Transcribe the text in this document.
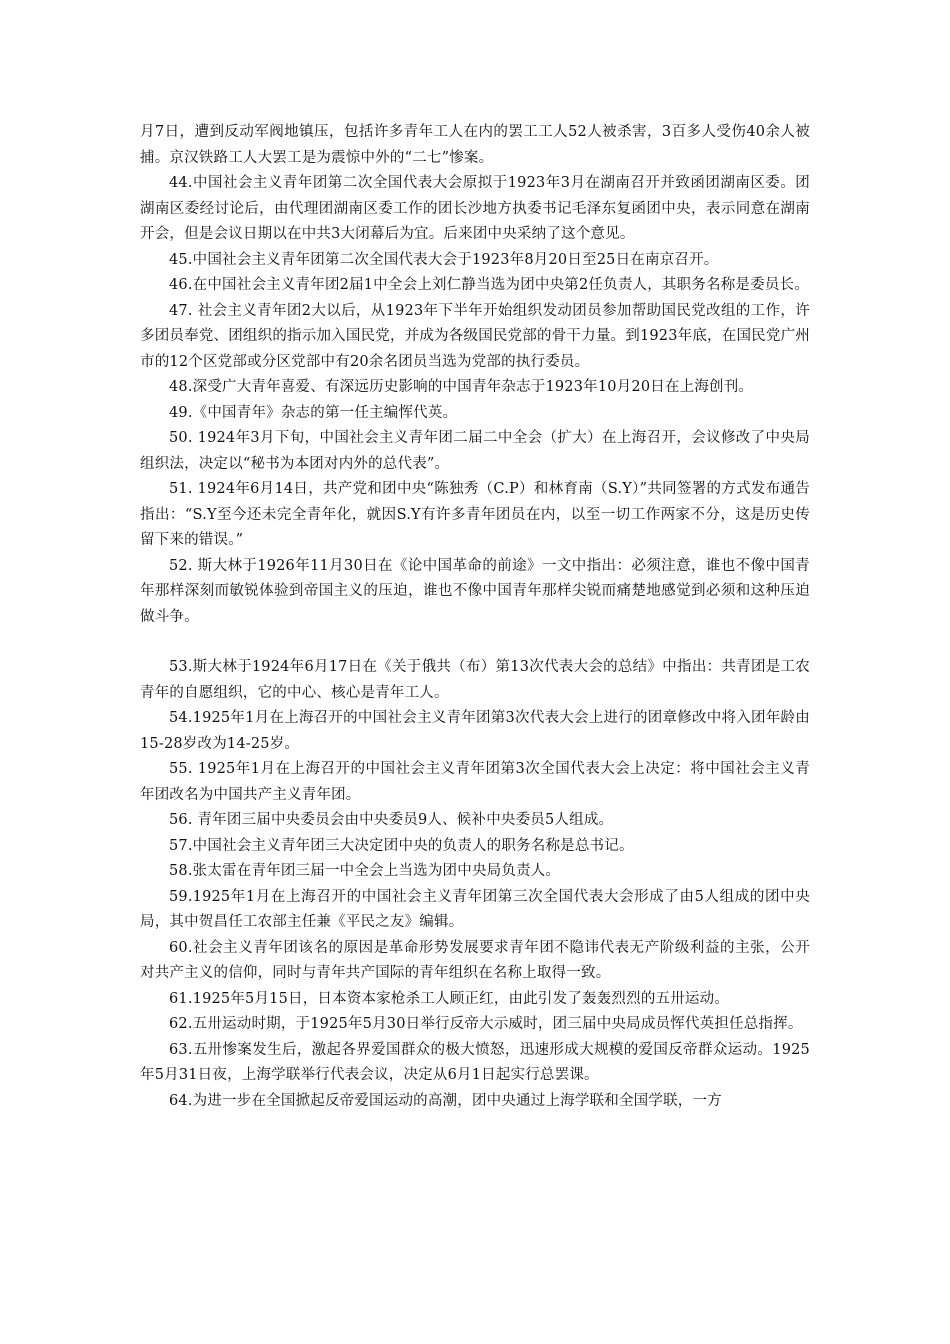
月7日，遭到反动军阀地镇压，包括许多青年工人在内的罢工工人52人被杀害，3百多人受伤40余人被捕。京汉铁路工人大罢工是为震惊中外的“二七”惨案。

44.中国社会主义青年团第二次全国代表大会原拟于1923年3月在湖南召开并致函团湖南区委。团湖南区委经讨论后，由代理团湖南区委工作的团长沙地方执委书记毛泽东复函团中央，表示同意在湖南开会，但是会议日期以在中共3大闭幕后为宜。后来团中央采纳了这个意见。

45.中国社会主义青年团第二次全国代表大会于1923年8月20日至25日在南京召开。

46.在中国社会主义青年团2届1中全会上刘仁静当选为团中央第2任负责人，其职务名称是委员长。

47. 社会主义青年团2大以后，从1923年下半年开始组织发动团员参加帮助国民党改组的工作，许多团员奉党、团组织的指示加入国民党，并成为各级国民党部的骨干力量。到1923年底，在国民党广州市的12个区党部或分区党部中有20余名团员当选为党部的执行委员。

48.深受广大青年喜爱、有深远历史影响的中国青年杂志于1923年10月20日在上海创刊。

49.《中国青年》杂志的第一任主编恽代英。

50. 1924年3月下旬，中国社会主义青年团二届二中全会（扩大）在上海召开，会议修改了中央局组织法，决定以“秘书为本团对内外的总代表”。

51. 1924年6月14日，共产党和团中央“陈独秀（C.P）和林育南（S.Y）”共同签署的方式发布通告指出：“S.Y至今还未完全青年化，就因S.Y有许多青年团员在内，以至一切工作两家不分，这是历史传留下来的错误。”

52. 斯大林于1926年11月30日在《论中国革命的前途》一文中指出：必须注意，谁也不像中国青年那样深刻而敏锐体验到帝国主义的压迫，谁也不像中国青年那样尖锐而痛楚地感觉到必须和这种压迫做斗争。

53.斯大林于1924年6月17日在《关于俄共（布）第13次代表大会的总结》中指出：共青团是工农青年的自愿组织，它的中心、核心是青年工人。

54.1925年1月在上海召开的中国社会主义青年团第3次代表大会上进行的团章修改中将入团年龄由15-28岁改为14-25岁。

55. 1925年1月在上海召开的中国社会主义青年团第3次全国代表大会上决定：将中国社会主义青年团改名为中国共产主义青年团。

56. 青年团三届中央委员会由中央委员9人、候补中央委员5人组成。

57.中国社会主义青年团三大决定团中央的负责人的职务名称是总书记。

58.张太雷在青年团三届一中全会上当选为团中央局负责人。

59.1925年1月在上海召开的中国社会主义青年团第三次全国代表大会形成了由5人组成的团中央局，其中贺昌任工农部主任兼《平民之友》编辑。

60.社会主义青年团该名的原因是革命形势发展要求青年团不隐讳代表无产阶级利益的主张，公开对共产主义的信仰，同时与青年共产国际的青年组织在名称上取得一致。

61.1925年5月15日，日本资本家枪杀工人顾正红，由此引发了轰轰烈烈的五卅运动。

62.五卅运动时期，于1925年5月30日举行反帝大示威时，团三届中央局成员恽代英担任总指挥。

63.五卅惨案发生后，激起各界爱国群众的极大愤怒，迅速形成大规模的爱国反帝群众运动。1925年5月31日夜，上海学联举行代表会议，决定从6月1日起实行总罢课。

64.为进一步在全国掀起反帝爱国运动的高潮，团中央通过上海学联和全国学联，一方
